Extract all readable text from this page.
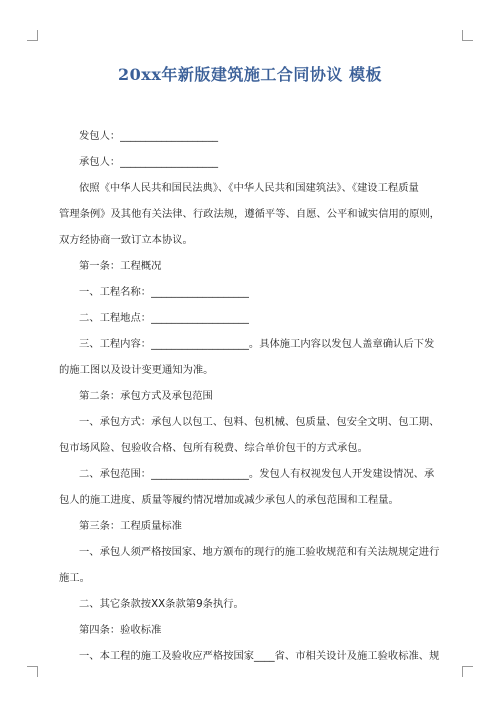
20xx年新版建筑施工合同协议 模板
发包人：___________________
承包人：___________________
依照《中华人民共和国民法典》、《中华人民共和国建筑法》、《建设工程质量
管理条例》及其他有关法律、行政法规，遵循平等、自愿、公平和诚实信用的原则，
双方经协商一致订立本协议。
第一条：工程概况
一、工程名称：___________________
二、工程地点：___________________
三、工程内容：___________________。具体施工内容以发包人盖章确认后下发
的施工图以及设计变更通知为准。
第二条：承包方式及承包范围
一、承包方式：承包人以包工、包料、包机械、包质量、包安全文明、包工期、
包市场风险、包验收合格、包所有税费、综合单价包干的方式承包。
二、承包范围：___________________。发包人有权视发包人开发建设情况、承
包人的施工进度、质量等履约情况增加或减少承包人的承包范围和工程量。
第三条：工程质量标准
一、承包人须严格按国家、地方颁布的现行的施工验收规范和有关法规规定进行
施工。
二、其它条款按XX条款第9条执行。
第四条：验收标准
一、本工程的施工及验收应严格按国家____省、市相关设计及施工验收标准、规
